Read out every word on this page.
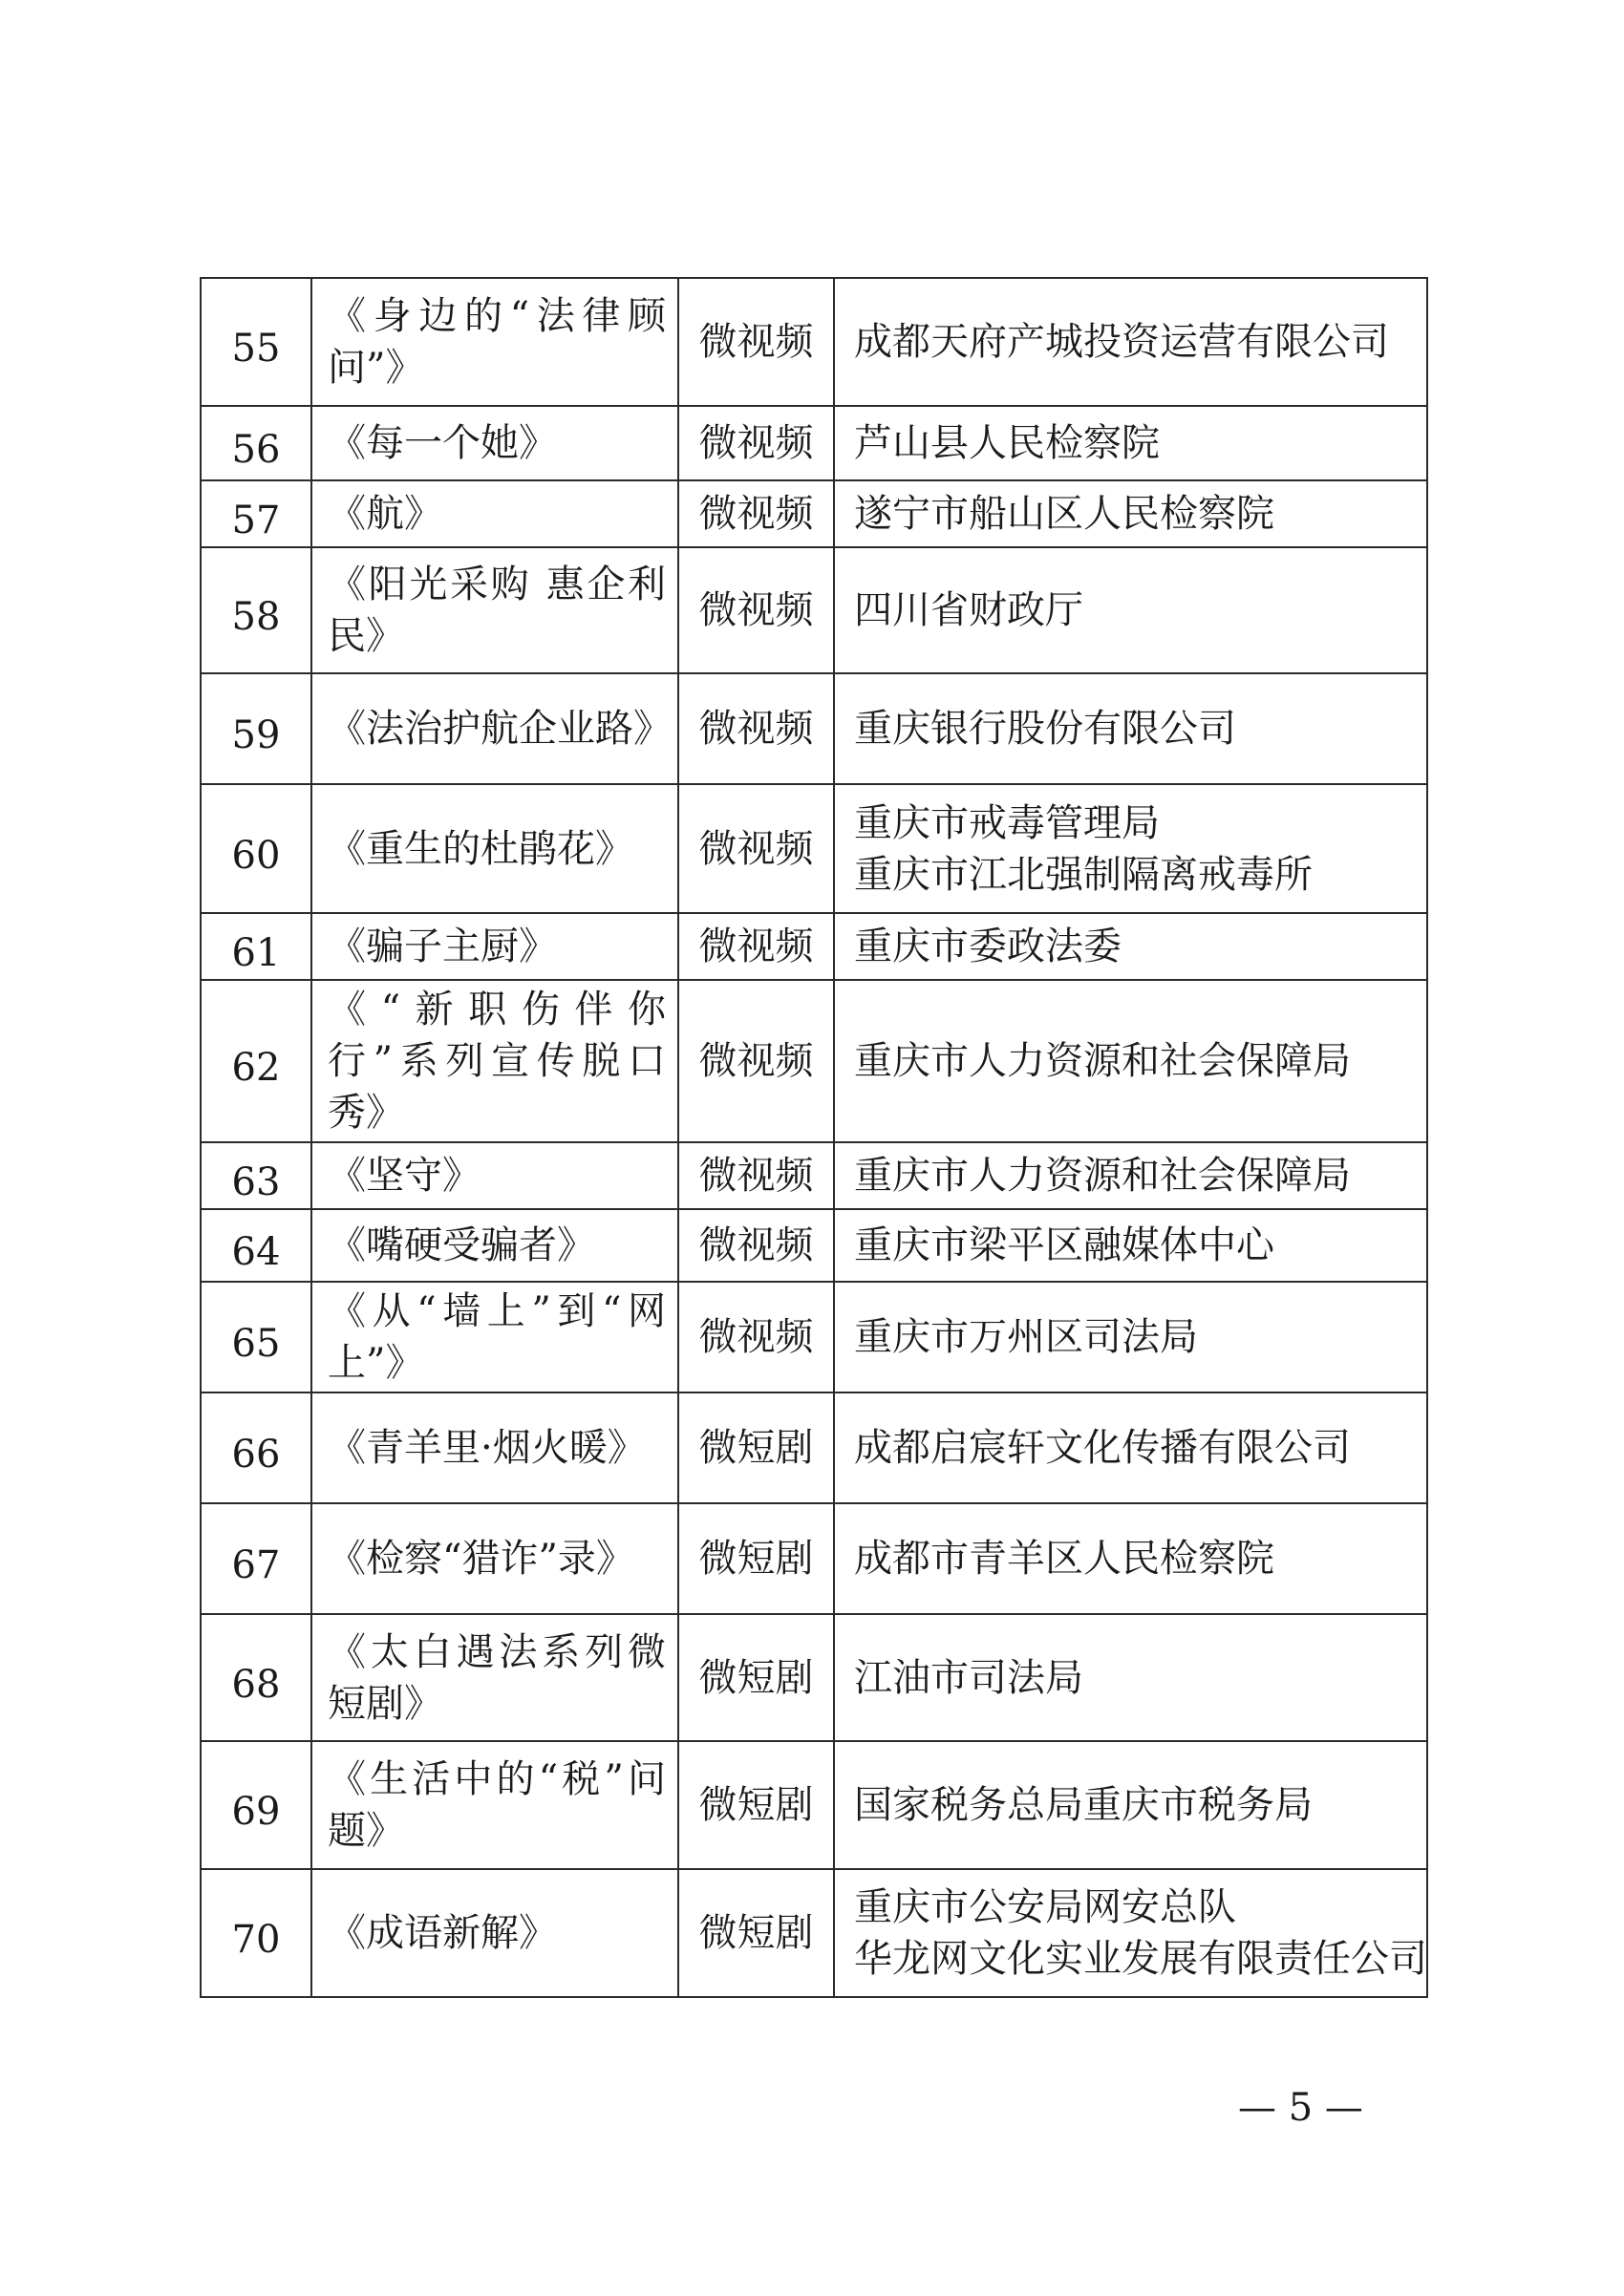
55	《身边的“法律顾问”》	微视频	成都天府产城投资运营有限公司

56	《每一个她》	微视频	芦山县人民检察院

57	《航》	微视频	遂宁市船山区人民检察院

58	《阳光采购 惠企利民》	微视频	四川省财政厅

59	《法治护航企业路》	微视频	重庆银行股份有限公司

60	《重生的杜鹃花》	微视频	重庆市戒毒管理局
重庆市江北强制隔离戒毒所

61	《骗子主厨》	微视频	重庆市委政法委

62	《“新职伤伴你行”系列宣传脱口秀》	微视频	重庆市人力资源和社会保障局

63	《坚守》	微视频	重庆市人力资源和社会保障局

64	《嘴硬受骗者》	微视频	重庆市梁平区融媒体中心

65	《从“墙上”到“网上”》	微视频	重庆市万州区司法局

66	《青羊里·烟火暖》	微短剧	成都启宸轩文化传播有限公司

67	《检察“猎诈”录》	微短剧	成都市青羊区人民检察院

68	《太白遇法系列微短剧》	微短剧	江油市司法局

69	《生活中的“税”问题》	微短剧	国家税务总局重庆市税务局

70	《成语新解》	微短剧	重庆市公安局网安总队
华龙网文化实业发展有限责任公司
— 5 —
